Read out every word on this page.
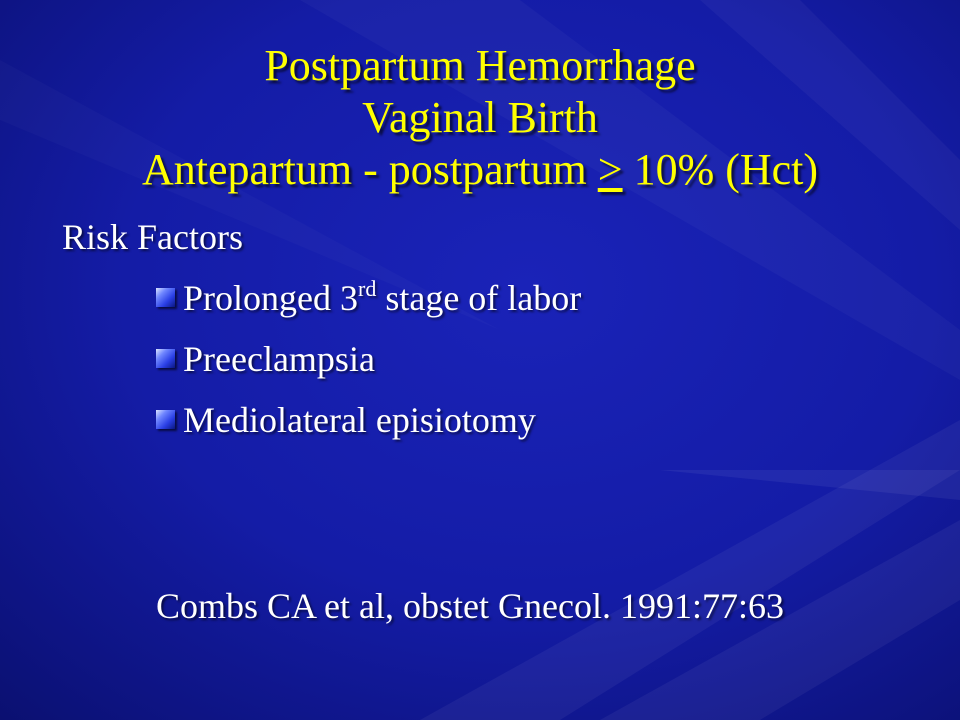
Postpartum Hemorrhage
Vaginal Birth
Antepartum - postpartum ≥ 10% (Hct)
Risk Factors
Prolonged 3rd stage of labor
Preeclampsia
Mediolateral episiotomy
Combs CA et al, obstet Gnecol. 1991:77:63
